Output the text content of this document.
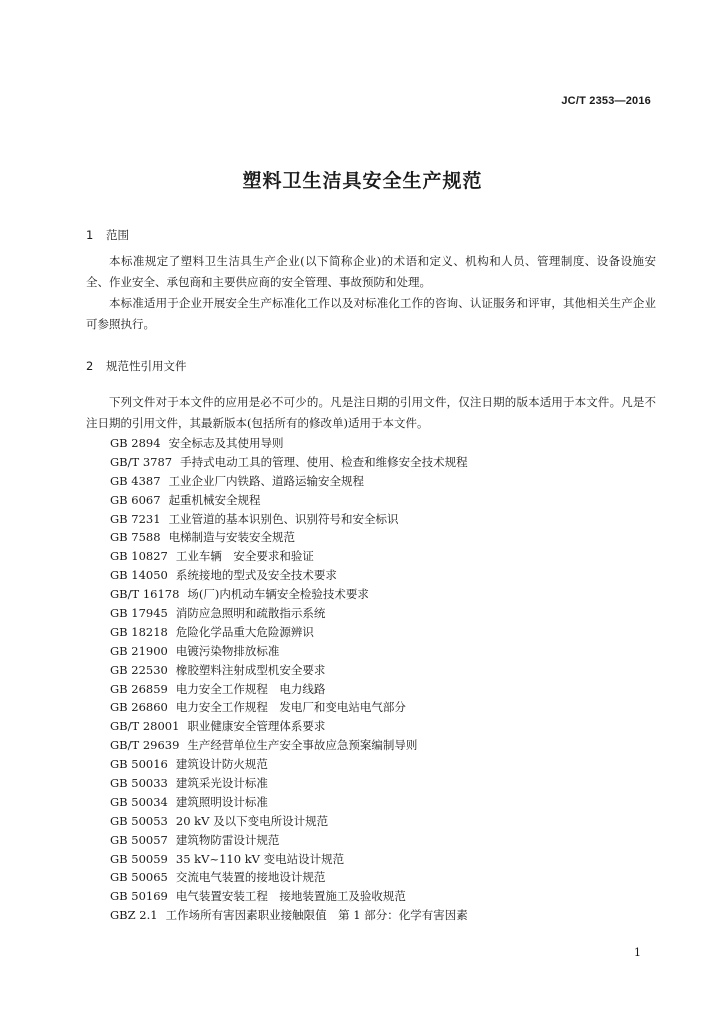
JC/T 2353—2016
塑料卫生洁具安全生产规范
1 范围

本标准规定了塑料卫生洁具生产企业(以下简称企业)的术语和定义、机构和人员、管理制度、设备设施安全、作业安全、承包商和主要供应商的安全管理、事故预防和处理。

本标准适用于企业开展安全生产标准化工作以及对标准化工作的咨询、认证服务和评审，其他相关生产企业可参照执行。

2 规范性引用文件

下列文件对于本文件的应用是必不可少的。凡是注日期的引用文件，仅注日期的版本适用于本文件。凡是不注日期的引用文件，其最新版本(包括所有的修改单)适用于本文件。

GB 2894 安全标志及其使用导则
GB/T 3787 手持式电动工具的管理、使用、检查和维修安全技术规程
GB 4387 工业企业厂内铁路、道路运输安全规程
GB 6067 起重机械安全规程
GB 7231 工业管道的基本识别色、识别符号和安全标识
GB 7588 电梯制造与安装安全规范
GB 10827 工业车辆　安全要求和验证
GB 14050 系统接地的型式及安全技术要求
GB/T 16178 场(厂)内机动车辆安全检验技术要求
GB 17945 消防应急照明和疏散指示系统
GB 18218 危险化学品重大危险源辨识
GB 21900 电镀污染物排放标准
GB 22530 橡胶塑料注射成型机安全要求
GB 26859 电力安全工作规程　电力线路
GB 26860 电力安全工作规程　发电厂和变电站电气部分
GB/T 28001 职业健康安全管理体系要求
GB/T 29639 生产经营单位生产安全事故应急预案编制导则
GB 50016 建筑设计防火规范
GB 50033 建筑采光设计标准
GB 50034 建筑照明设计标准
GB 50053 20 kV 及以下变电所设计规范
GB 50057 建筑物防雷设计规范
GB 50059 35 kV~110 kV 变电站设计规范
GB 50065 交流电气装置的接地设计规范
GB 50169 电气装置安装工程　接地装置施工及验收规范
GBZ 2.1 工作场所有害因素职业接触限值　第 1 部分：化学有害因素
1
